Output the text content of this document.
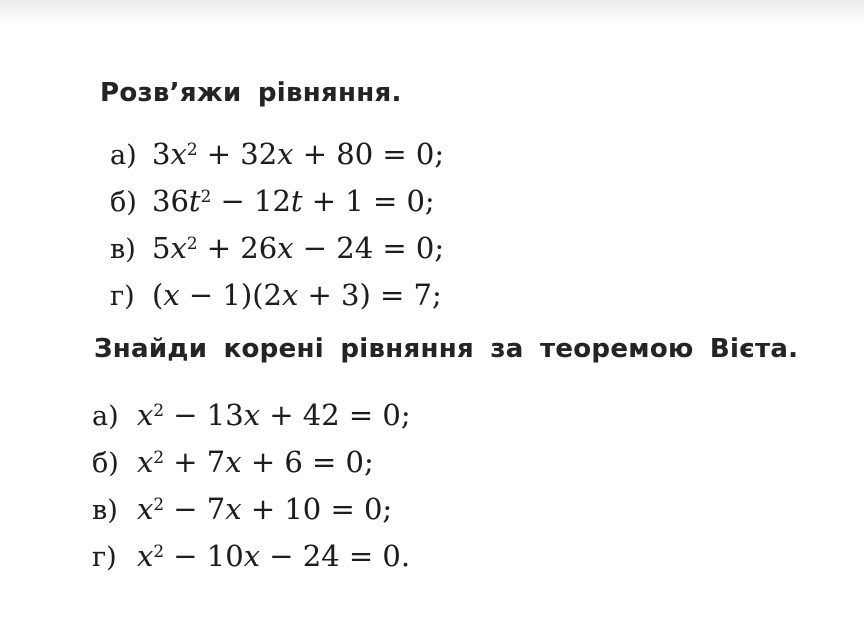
Розв’яжи рівняння.
а) $3x^2 + 32x + 80 = 0$;
б) $36t^2 - 12t + 1 = 0$;
в) $5x^2 + 26x - 24 = 0$;
г) (x − 1)(2x + 3) = 7;
Знайди корені рівняння за теоремою Вієта.
а) $x^2 - 13x + 42 = 0$;
б) $x^2 + 7x + 6 = 0$;
в) $x^2 - 7x + 10 = 0$;
г) $x^2 - 10x - 24 = 0$.
